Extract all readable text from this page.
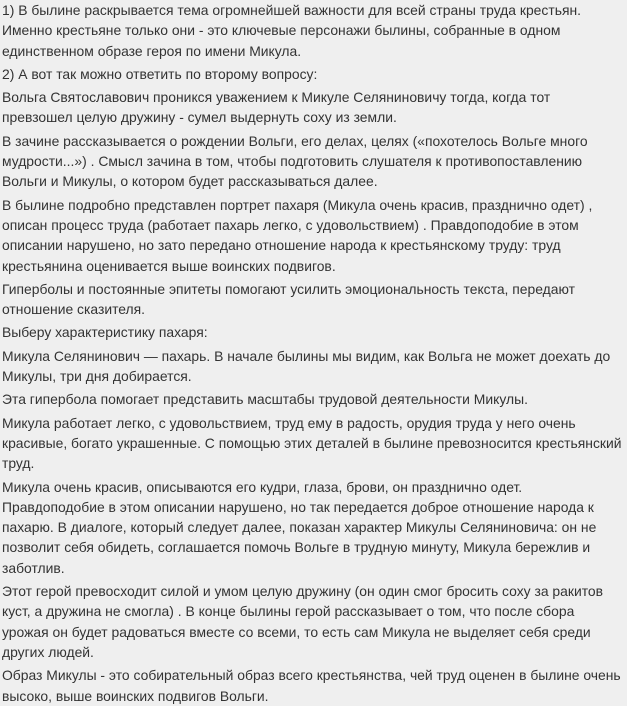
1) В былине раскрывается тема огромнейшей важности для всей страны труда крестьян. Именно крестьяне только они - это ключевые персонажи былины, собранные в одном единственном образе героя по имени Микула.

2) А вот так можно ответить по второму вопросу:

Вольга Святославович проникся уважением к Микуле Селяниновичу тогда, когда тот превзошел целую дружину - сумел выдернуть соху из земли.

В зачине рассказывается о рождении Вольги, его делах, целях («похотелось Вольге много мудрости...») . Смысл зачина в том, чтобы подготовить слушателя к противопоставлению Вольги и Микулы, о котором будет рассказываться далее.

В былине подробно представлен портрет пахаря (Микула очень красив, празднично одет) , описан процесс труда (работает пахарь легко, с удовольствием) . Правдоподобие в этом описании нарушено, но зато передано отношение народа к крестьянскому труду: труд крестьянина оценивается выше воинских подвигов.

Гиперболы и постоянные эпитеты помогают усилить эмоциональность текста, передают отношение сказителя.

Выберу характеристику пахаря:

Микула Селянинович — пахарь. В начале былины мы видим, как Вольга не может доехать до Микулы, три дня добирается.

Эта гипербола помогает представить масштабы трудовой деятельности Микулы.

Микула работает легко, с удовольствием, труд ему в радость, орудия труда у него очень красивые, богато украшенные. С помощью этих деталей в былине превозносится крестьянский труд.

Микула очень красив, описываются его кудри, глаза, брови, он празднично одет. Правдоподобие в этом описании нарушено, но так передается доброе отношение народа к пахарю. В диалоге, который следует далее, показан характер Микулы Селяниновича: он не позволит себя обидеть, соглашается помочь Вольге в трудную минуту, Микула бережлив и заботлив.

Этот герой превосходит силой и умом целую дружину (он один смог бросить соху за ракитов куст, а дружина не смогла) . В конце былины герой рассказывает о том, что после сбора урожая он будет радоваться вместе со всеми, то есть сам Микула не выделяет себя среди других людей.

Образ Микулы - это собирательный образ всего крестьянства, чей труд оценен в былине очень высоко, выше воинских подвигов Вольги.
